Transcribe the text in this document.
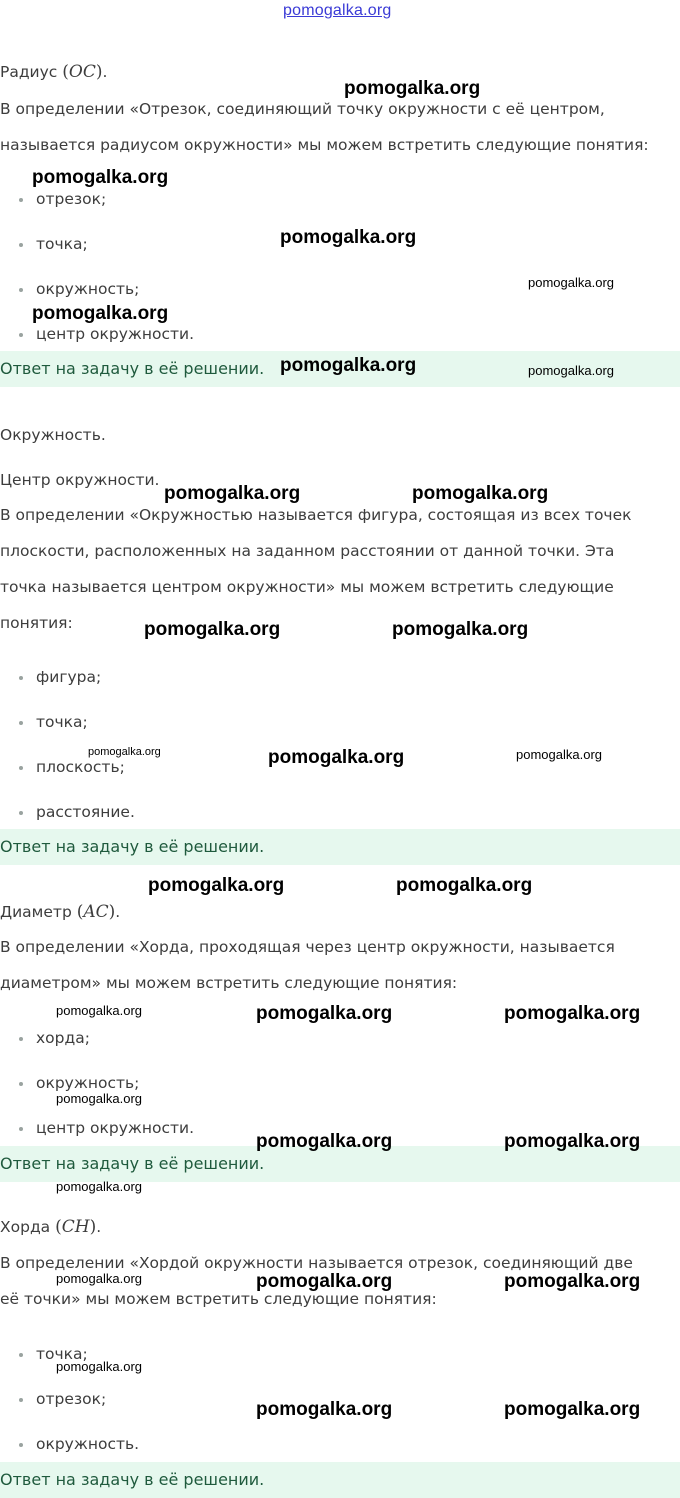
pomogalka.org
Радиус (OC).
В определении «Отрезок, соединяющий точку окружности с её центром,
называется радиусом окружности» мы можем встретить следующие понятия:
отрезок;
точка;
окружность;
центр окружности.
Ответ на задачу в её решении.
Окружность.
Центр окружности.
В определении «Окружностью называется фигура, состоящая из всех точек
плоскости, расположенных на заданном расстоянии от данной точки. Эта
точка называется центром окружности» мы можем встретить следующие
понятия:
фигура;
точка;
плоскость;
расстояние.
Ответ на задачу в её решении.
Диаметр (AC).
В определении «Хорда, проходящая через центр окружности, называется
диаметром» мы можем встретить следующие понятия:
хорда;
окружность;
центр окружности.
Ответ на задачу в её решении.
Хорда (CH).
В определении «Хордой окружности называется отрезок, соединяющий две
её точки» мы можем встретить следующие понятия:
точка;
отрезок;
окружность.
Ответ на задачу в её решении.
pomogalka.org
pomogalka.org
pomogalka.org
pomogalka.org
pomogalka.org
pomogalka.org	pomogalka.org
pomogalka.org	pomogalka.org
pomogalka.org	pomogalka.org
pomogalka.org	pomogalka.org	pomogalka.org
pomogalka.org	pomogalka.org
pomogalka.org	pomogalka.org	pomogalka.org
pomogalka.org
pomogalka.org	pomogalka.org
pomogalka.org
pomogalka.org	pomogalka.org	pomogalka.org
pomogalka.org
pomogalka.org	pomogalka.org
